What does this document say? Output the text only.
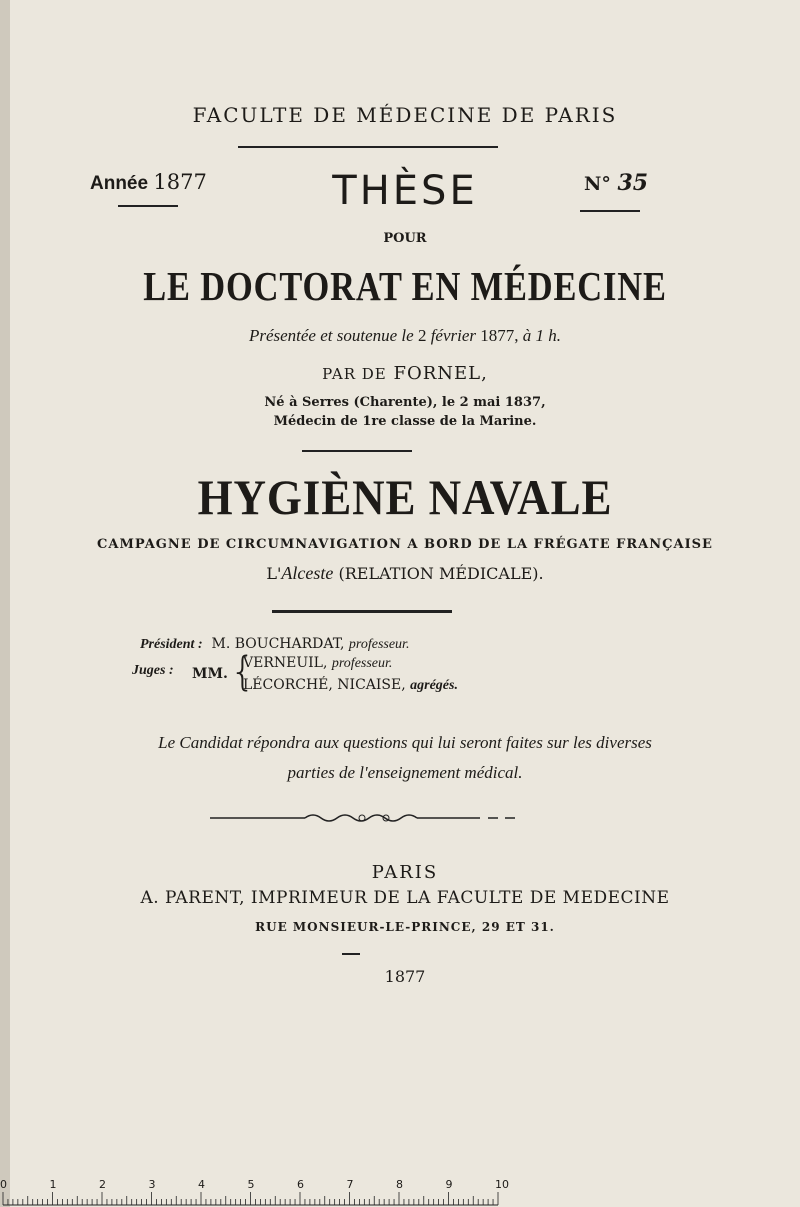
FACULTE DE MÉDECINE DE PARIS
Année 1877	THÈSE	N° 35
POUR
LE DOCTORAT EN MÉDECINE
Présentée et soutenue le 2 février 1877, à 1 h.
PAR DE FORNEL,
Né à Serres (Charente), le 2 mai 1837,
Médecin de 1re classe de la Marine.
HYGIÈNE NAVALE
CAMPAGNE DE CIRCUMNAVIGATION A BORD DE LA FRÉGATE FRANÇAISE
L'Alceste (RELATION MÉDICALE).
Président : M. BOUCHARDAT, professeur.
Juges : MM. {
VERNEUIL, professeur.
LÉCORCHÉ, NICAISE, agrégés.
Le Candidat répondra aux questions qui lui seront faites sur les diverses
parties de l'enseignement médical.
PARIS
A. PARENT, IMPRIMEUR DE LA FACULTE DE MEDECINE
RUE MONSIEUR-LE-PRINCE, 29 ET 31.
1877
0	1	2	3	4	5	6	7	8	9	10
